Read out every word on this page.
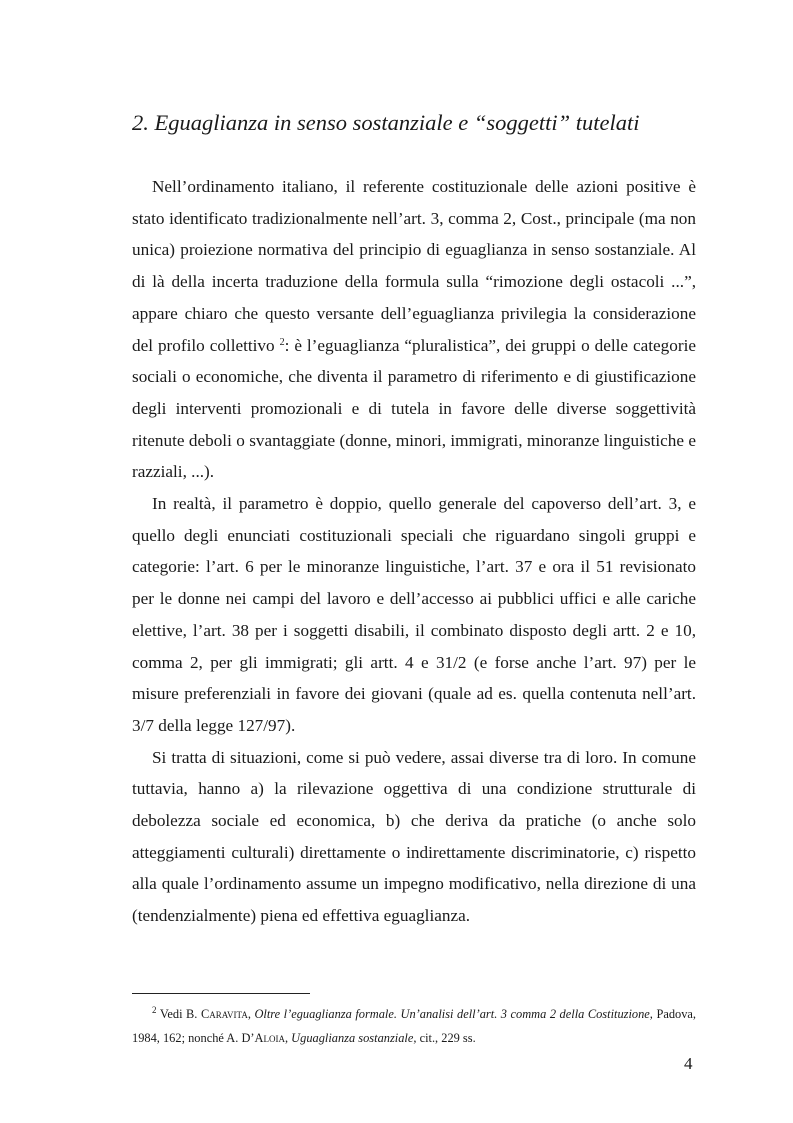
2. Eguaglianza in senso sostanziale e “soggetti” tutelati

Nell’ordinamento italiano, il referente costituzionale delle azioni positive è stato identificato tradizionalmente nell’art. 3, comma 2, Cost., principale (ma non unica) proiezione normativa del principio di eguaglianza in senso sostanziale. Al di là della incerta traduzione della formula sulla “rimozione degli ostacoli ...”, appare chiaro che questo versante dell’eguaglianza privilegia la considerazione del profilo collettivo $^2$: è l’eguaglianza “pluralistica”, dei gruppi o delle categorie sociali o economiche, che diventa il parametro di riferimento e di giustificazione degli interventi promozionali e di tutela in favore delle diverse soggettività ritenute deboli o svantaggiate (donne, minori, immigrati, minoranze linguistiche e razziali, ...).

In realtà, il parametro è doppio, quello generale del capoverso dell’art. 3, e quello degli enunciati costituzionali speciali che riguardano singoli gruppi e categorie: l’art. 6 per le minoranze linguistiche, l’art. 37 e ora il 51 revisionato per le donne nei campi del lavoro e dell’accesso ai pubblici uffici e alle cariche elettive, l’art. 38 per i soggetti disabili, il combinato disposto degli artt. 2 e 10, comma 2, per gli immigrati; gli artt. 4 e 31/2 (e forse anche l’art. 97) per le misure preferenziali in favore dei giovani (quale ad es. quella contenuta nell’art. 3/7 della legge 127/97).

Si tratta di situazioni, come si può vedere, assai diverse tra di loro. In comune tuttavia, hanno a) la rilevazione oggettiva di una condizione strutturale di debolezza sociale ed economica, b) che deriva da pratiche (o anche solo atteggiamenti culturali) direttamente o indirettamente discriminatorie, c) rispetto alla quale l’ordinamento assume un impegno modificativo, nella direzione di una (tendenzialmente) piena ed effettiva eguaglianza.

$^2$ Vedi B. Caravita, Oltre l’eguaglianza formale. Un’analisi dell’art. 3 comma 2 della Costituzione, Padova, 1984, 162; nonché A. D’Aloia, Uguaglianza sostanziale, cit., 229 ss.

4
